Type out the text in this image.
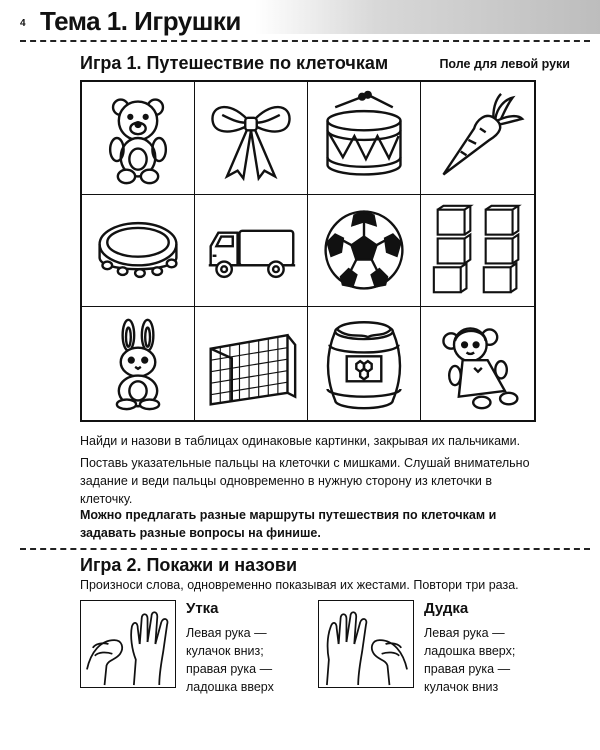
4 Тема 1. Игрушки
Игра 1. Путешествие по клеточкам	Поле для левой руки
Найди и назови в таблицах одинаковые картинки, закрывая их пальчиками.
Поставь указательные пальцы на клеточки с мишками. Слушай внимательно задание и веди пальцы одновременно в нужную сторону из клеточки в клеточку.
Можно предлагать разные маршруты путешествия по клеточкам и задавать разные вопросы на финише.
Игра 2. Покажи и назови
Произноси слова, одновременно показывая их жестами. Повтори три раза.
Утка
Левая рука —
кулачок вниз;
правая рука —
ладошка вверх
Дудка
Левая рука —
ладошка вверх;
правая рука —
кулачок вниз
